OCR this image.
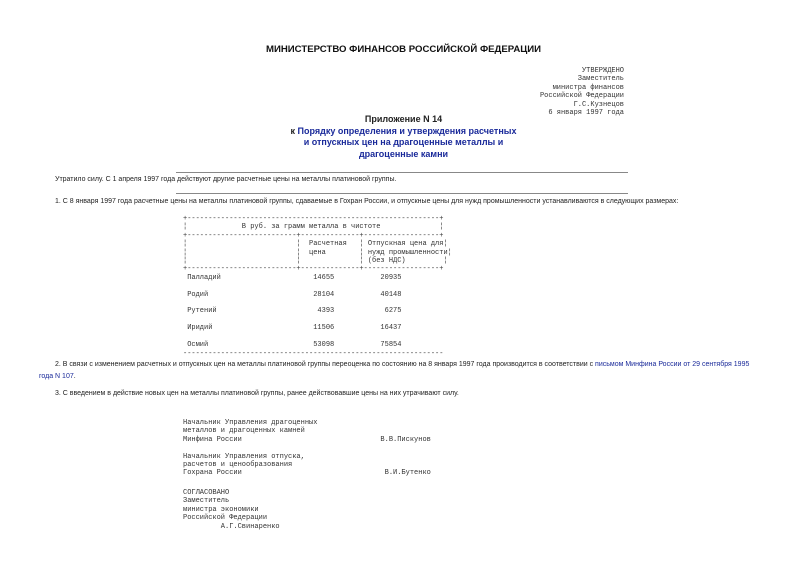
МИНИСТЕРСТВО ФИНАНСОВ РОССИЙСКОЙ ФЕДЕРАЦИИ
УТВЕРЖДЕНО
Заместитель
министра финансов
Российской Федерации
Г.С.Кузнецов
6 января 1997 года
Приложение N 14
к Порядку определения и утверждения расчетных
и отпускных цен на драгоценные металлы и
драгоценные камни
Утратило силу. С 1 апреля 1997 года действуют другие расчетные цены на металлы платиновой группы.
1. С 8 января 1997 года расчетные цены на металлы платиновой группы, сдаваемые в Гохран России, и отпускные цены для нужд промышленности устанавливаются в следующих размерах:
+------------------------------------------------------------+
¦             В руб. за грамм металла в чистоте              ¦
+--------------------------+--------------+------------------+
¦                          ¦  Расчетная   ¦ Отпускная цена для¦
¦                          ¦  цена        ¦ нужд промышленности¦
¦                          ¦              ¦ (без НДС)         ¦
+--------------------------+--------------+------------------+
Палладий                      14655           20935

Родий                         28104           40148

Рутений                        4393            6275

Иридий                        11506           16437

Осмий                         53098           75854
--------------------------------------------------------------
2. В связи с изменением расчетных и отпускных цен на металлы платиновой группы переоценка по состоянию на 8 января 1997 года производится в соответствии с письмом Минфина России от 29 сентября 1995
года N 107.
3. С введением в действие новых цен на металлы платиновой группы, ранее действовавшие цены на них утрачивают силу.
Начальник Управления драгоценных
металлов и драгоценных камней
Минфина России                                 В.В.Пискунов

Начальник Управления отпуска,
расчетов и ценообразования
Гохрана России                                  В.И.Бутенко
СОГЛАСОВАНО
Заместитель
министра экономики
Российской Федерации
А.Г.Свинаренко
